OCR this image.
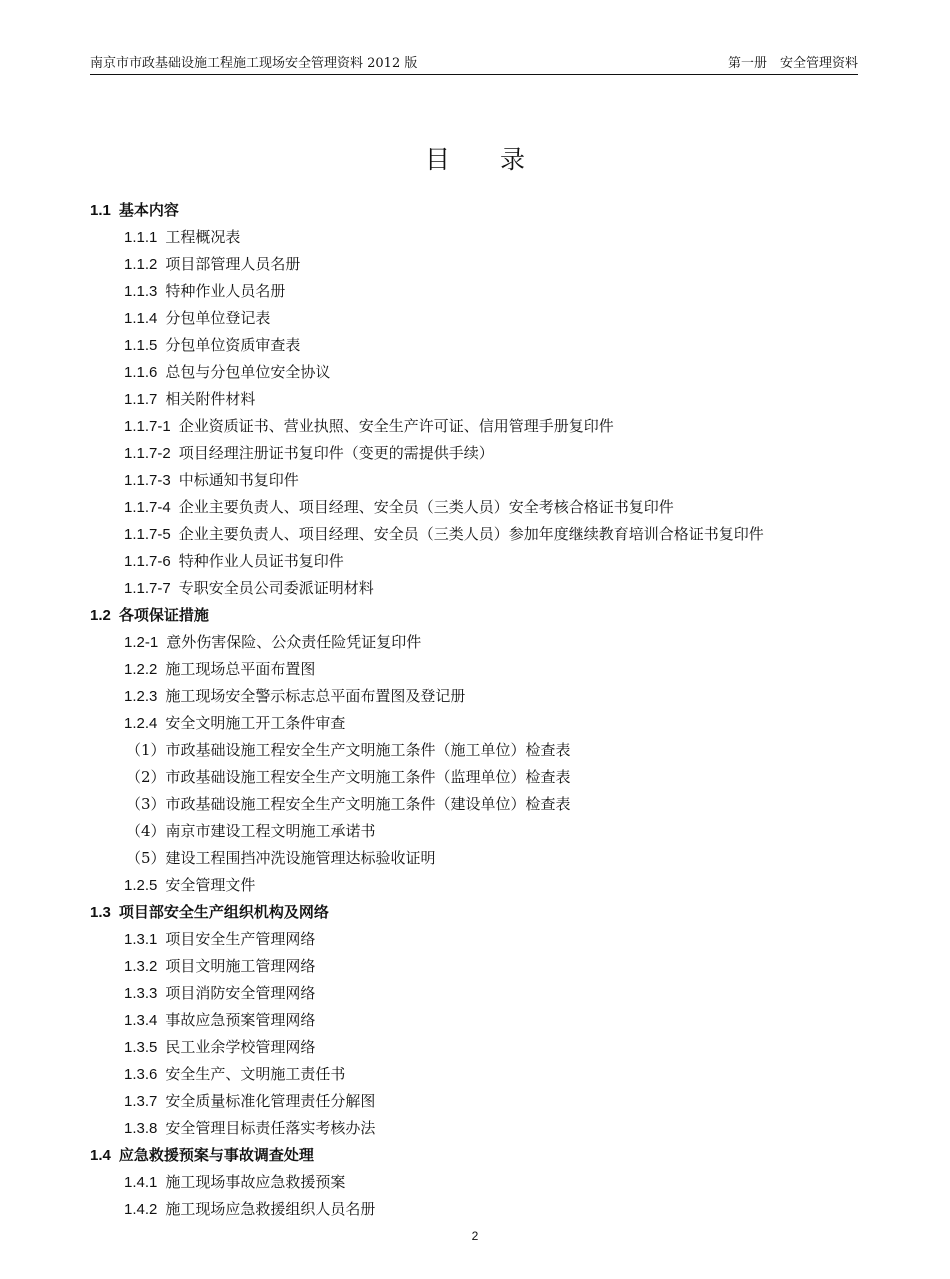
南京市市政基础设施工程施工现场安全管理资料 2012 版	第一册　安全管理资料
目　　录
1.1 基本内容
1.1.1 工程概况表
1.1.2 项目部管理人员名册
1.1.3 特种作业人员名册
1.1.4 分包单位登记表
1.1.5 分包单位资质审查表
1.1.6 总包与分包单位安全协议
1.1.7 相关附件材料
1.1.7-1 企业资质证书、营业执照、安全生产许可证、信用管理手册复印件
1.1.7-2 项目经理注册证书复印件（变更的需提供手续）
1.1.7-3 中标通知书复印件
1.1.7-4 企业主要负责人、项目经理、安全员（三类人员）安全考核合格证书复印件
1.1.7-5 企业主要负责人、项目经理、安全员（三类人员）参加年度继续教育培训合格证书复印件
1.1.7-6 特种作业人员证书复印件
1.1.7-7 专职安全员公司委派证明材料
1.2 各项保证措施
1.2-1 意外伤害保险、公众责任险凭证复印件
1.2.2 施工现场总平面布置图
1.2.3 施工现场安全警示标志总平面布置图及登记册
1.2.4 安全文明施工开工条件审查
（1）市政基础设施工程安全生产文明施工条件（施工单位）检查表
（2）市政基础设施工程安全生产文明施工条件（监理单位）检查表
（3）市政基础设施工程安全生产文明施工条件（建设单位）检查表
（4）南京市建设工程文明施工承诺书
（5）建设工程围挡冲洗设施管理达标验收证明
1.2.5 安全管理文件
1.3 项目部安全生产组织机构及网络
1.3.1 项目安全生产管理网络
1.3.2 项目文明施工管理网络
1.3.3 项目消防安全管理网络
1.3.4 事故应急预案管理网络
1.3.5 民工业余学校管理网络
1.3.6 安全生产、文明施工责任书
1.3.7 安全质量标准化管理责任分解图
1.3.8 安全管理目标责任落实考核办法
1.4 应急救援预案与事故调查处理
1.4.1 施工现场事故应急救援预案
1.4.2 施工现场应急救援组织人员名册
2
